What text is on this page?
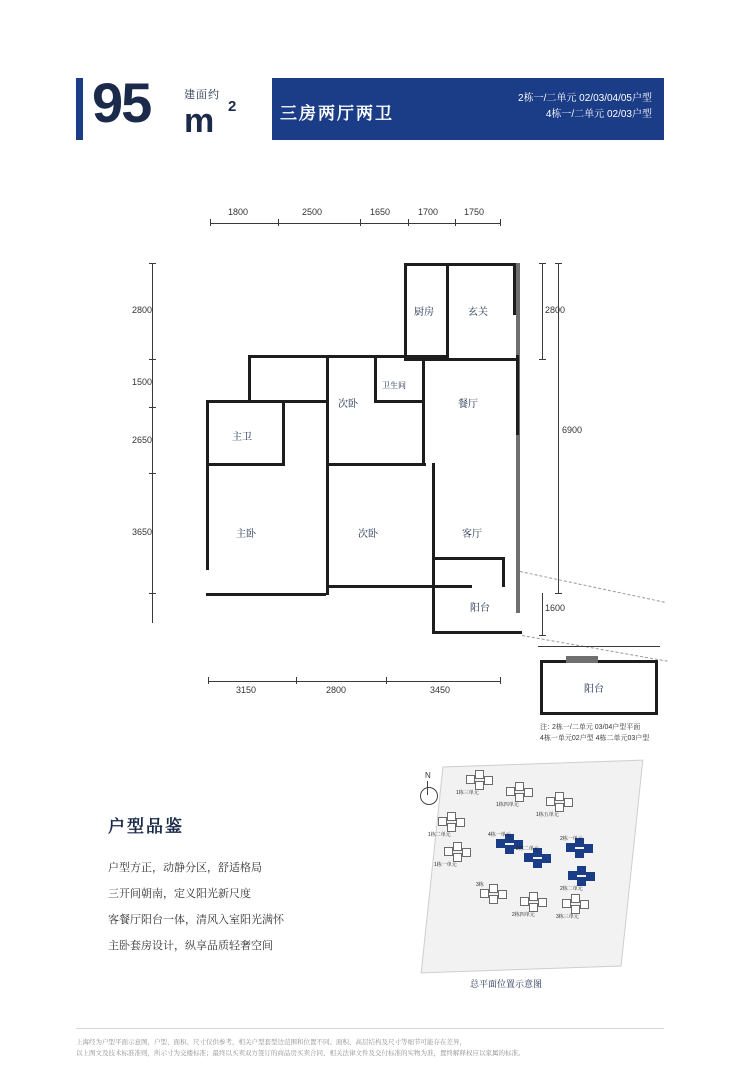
95	建面约
m 2	三房两厅两卫
2栋一/二单元 02/03/04/05户型
4栋一/二单元 02/03户型
1800	2500	1650	1700	1750
2800
1500
2650
3650
2800
6900
1600
3150	2800	3450
厨房	玄关
次卧
卫生间
餐厅
主卫
主卧	次卧	客厅
阳台
阳台
注：
2栋一/二单元 03/04户型平面
4栋一单元02户型 4栋二单元03户型
户型品鉴
户型方正，动静分区，舒适格局
三开间朝南，定义阳光新尺度
客餐厅阳台一体，清风入室阳光满怀
主卧套房设计，纵享品质轻奢空间
N
1栋三单元
1栋四单元
1栋五单元
1栋二单元
1栋一单元
4栋一单元
2栋二单元
2栋一单元
2栋二单元
3栋
2栋四单元	3栋三单元
总平面位置示意图

上海经为户型平面示意图，户型、面积、尺寸仅供参考，相关户型套型边范围和位置不同、面积、高层结构及尺寸等细节可能存在差异，

以上图文及技术标准准则，所示寸为交楼标准；最终以买卖双方签订的商品房买卖合同、相关法律文件及交付标准的实物为准，置终解释权应以家属的标准。
